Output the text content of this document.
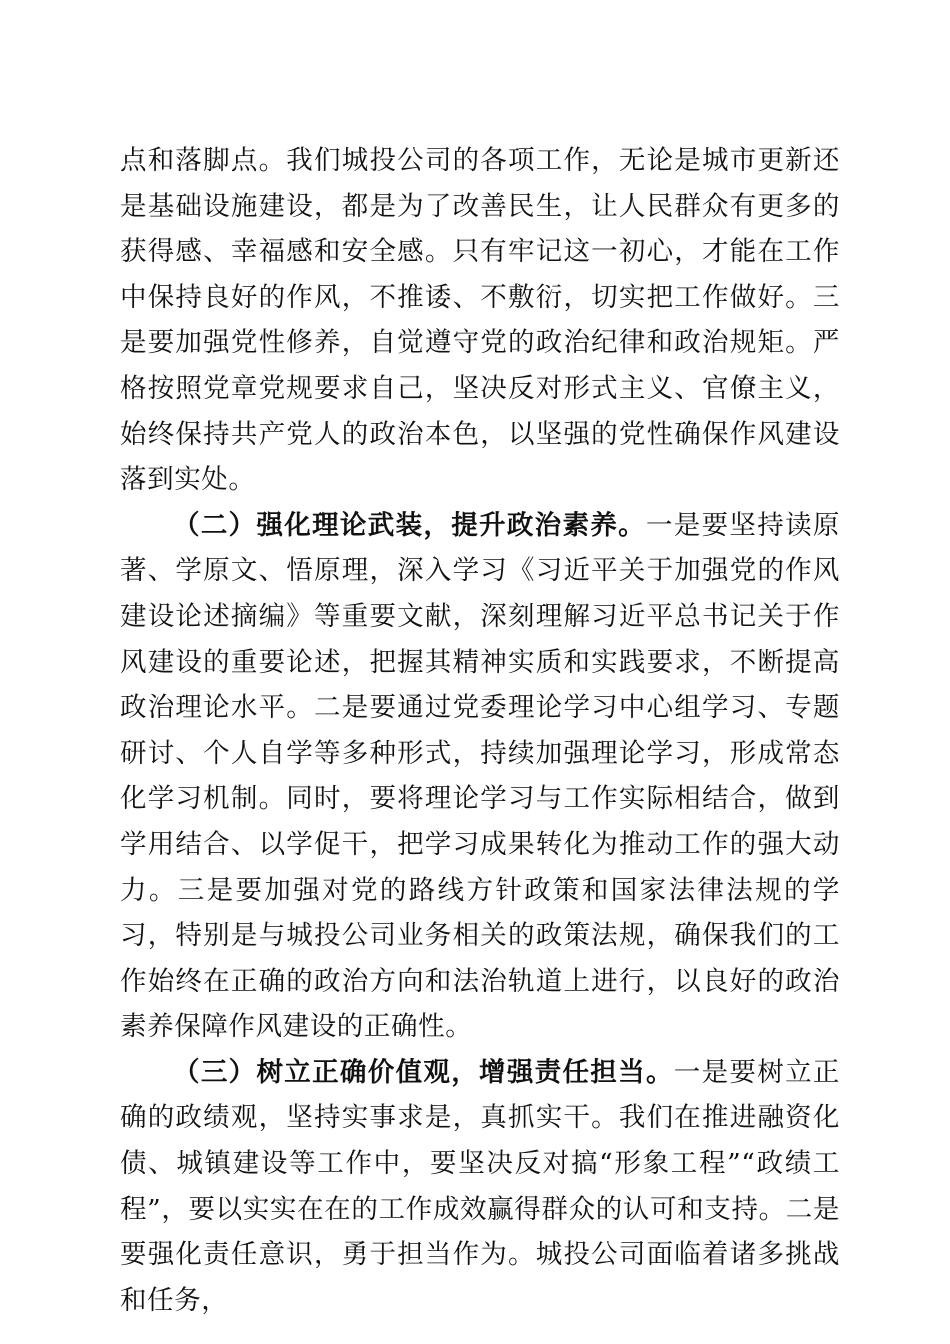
点和落脚点。我们城投公司的各项工作，无论是城市更新还是基础设施建设，都是为了改善民生，让人民群众有更多的获得感、幸福感和安全感。只有牢记这一初心，才能在工作中保持良好的作风，不推诿、不敷衍，切实把工作做好。三是要加强党性修养，自觉遵守党的政治纪律和政治规矩。严格按照党章党规要求自己，坚决反对形式主义、官僚主义，始终保持共产党人的政治本色，以坚强的党性确保作风建设落到实处。

（二）强化理论武装，提升政治素养。一是要坚持读原著、学原文、悟原理，深入学习《习近平关于加强党的作风建设论述摘编》等重要文献，深刻理解习近平总书记关于作风建设的重要论述，把握其精神实质和实践要求，不断提高政治理论水平。二是要通过党委理论学习中心组学习、专题研讨、个人自学等多种形式，持续加强理论学习，形成常态化学习机制。同时，要将理论学习与工作实际相结合，做到学用结合、以学促干，把学习成果转化为推动工作的强大动力。三是要加强对党的路线方针政策和国家法律法规的学习，特别是与城投公司业务相关的政策法规，确保我们的工作始终在正确的政治方向和法治轨道上进行，以良好的政治素养保障作风建设的正确性。

（三）树立正确价值观，增强责任担当。一是要树立正确的政绩观，坚持实事求是，真抓实干。我们在推进融资化债、城镇建设等工作中，要坚决反对搞“形象工程”“政绩工程”，要以实实在在的工作成效赢得群众的认可和支持。二是要强化责任意识，勇于担当作为。城投公司面临着诸多挑战和任务，
